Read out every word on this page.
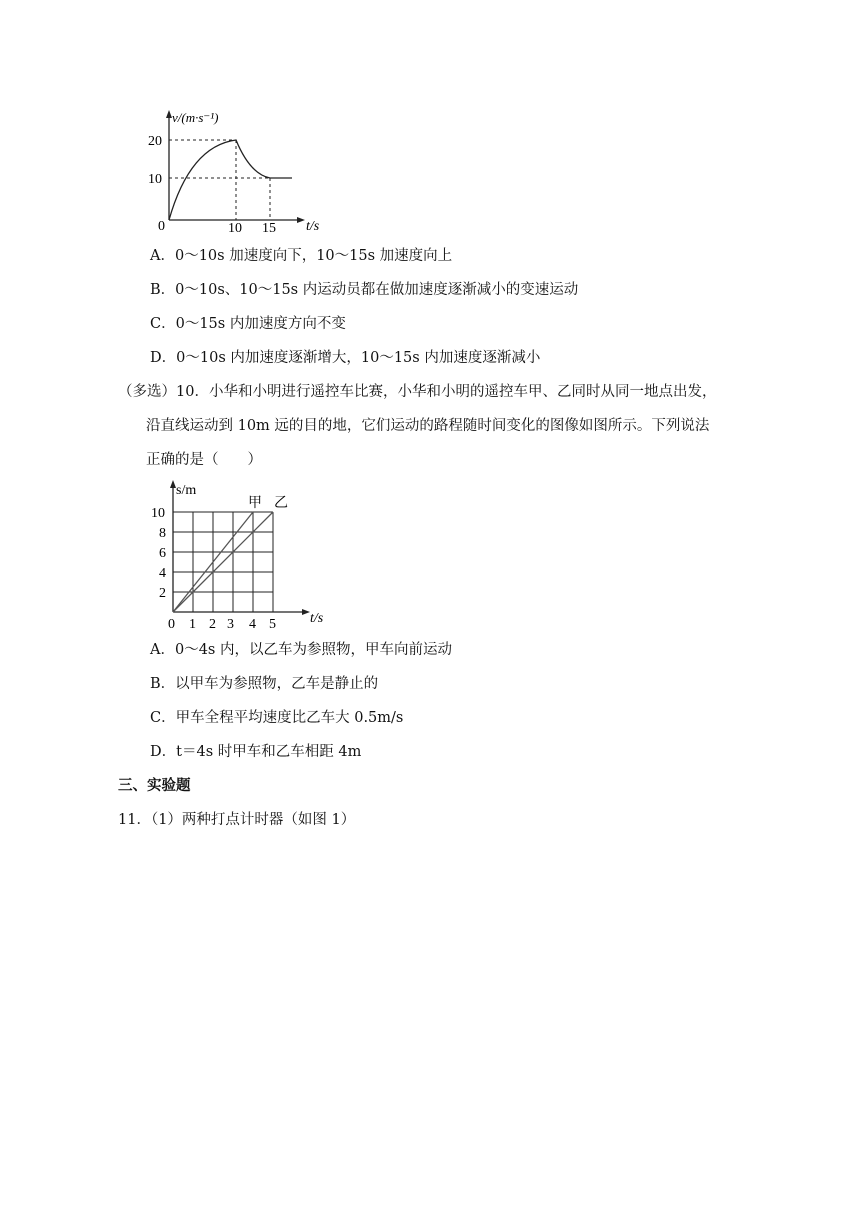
v/(m·s⁻¹)
20
10
0	10 15 t/s
A．0～10s 加速度向下，10～15s 加速度向上
B．0～10s、10～15s 内运动员都在做加速度逐渐减小的变速运动
C．0～15s 内加速度方向不变
D．0～10s 内加速度逐渐增大，10～15s 内加速度逐渐减小
（多选）10．小华和小明进行遥控车比赛，小华和小明的遥控车甲、乙同时从同一地点出发，
沿直线运动到 10m 远的目的地，它们运动的路程随时间变化的图像如图所示。下列说法
正确的是（　　）
s/m
甲 乙
10
8
6
4
2
0 1 2 3 4 5 t/s
A．0～4s 内，以乙车为参照物，甲车向前运动
B．以甲车为参照物，乙车是静止的
C．甲车全程平均速度比乙车大 0.5m/s
D．t＝4s 时甲车和乙车相距 4m
三、实验题
11．（1）两种打点计时器（如图 1）
